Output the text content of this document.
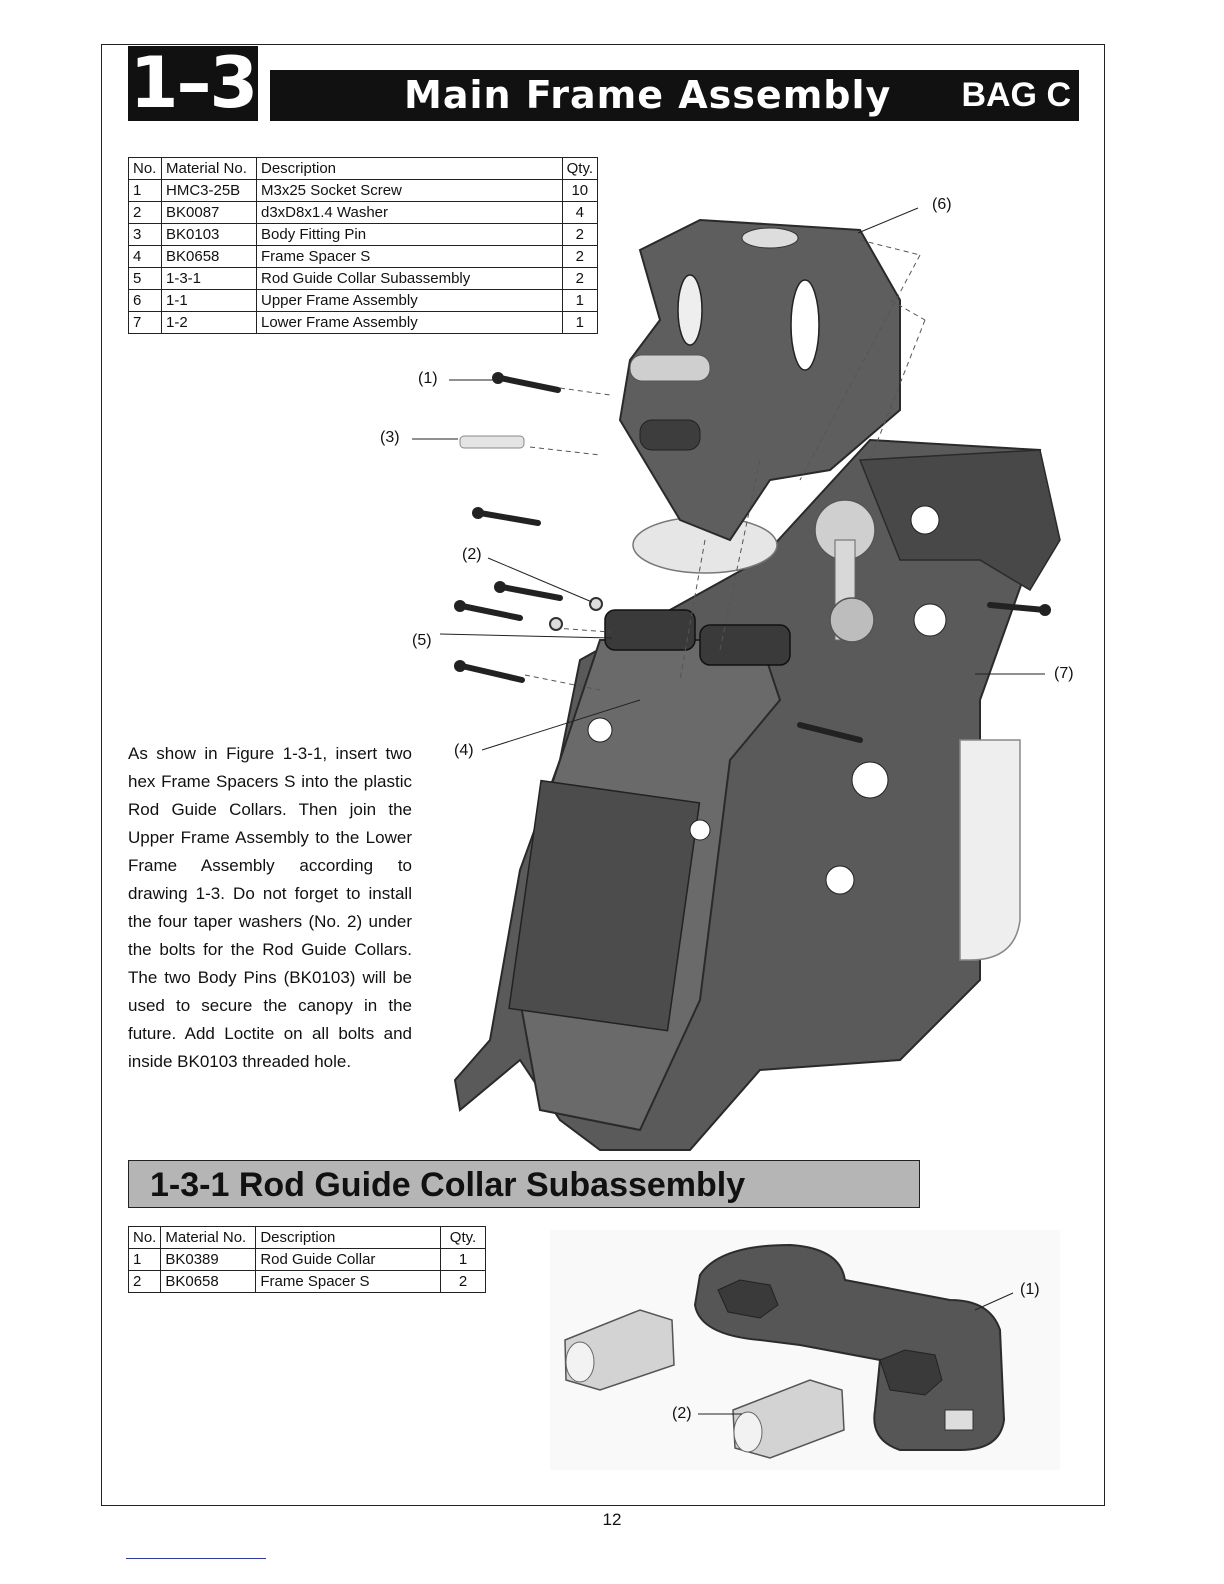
1–3	Main Frame Assembly BAG C
No.	Material No.	Description	Qty.
1	HMC3-25B	M3x25 Socket Screw	10
2	BK0087	d3xD8x1.4 Washer	4
3	BK0103	Body Fitting Pin	2
4	BK0658	Frame Spacer S	2
5	1-3-1	Rod Guide Collar Subassembly	2
6	1-1	Upper Frame Assembly	1
7	1-2	Lower Frame Assembly	1
(1)
(3)
(2)
(5)
(4)
(6)
(7)
As show in Figure 1-3-1, insert two hex Frame Spacers S into the plastic Rod Guide Collars. Then join the Upper Frame Assembly to the Lower Frame Assembly according to drawing 1-3. Do not forget to install the four taper washers (No. 2) under the bolts for the Rod Guide Collars. The two Body Pins (BK0103) will be used to secure the canopy in the future. Add Loctite on all bolts and inside BK0103 threaded hole.
1-3-1 Rod Guide Collar Subassembly
No.	Material No.	Description	Qty.
1	BK0389	Rod Guide Collar	1
2	BK0658	Frame Spacer S	2	(1)
(2)
12
